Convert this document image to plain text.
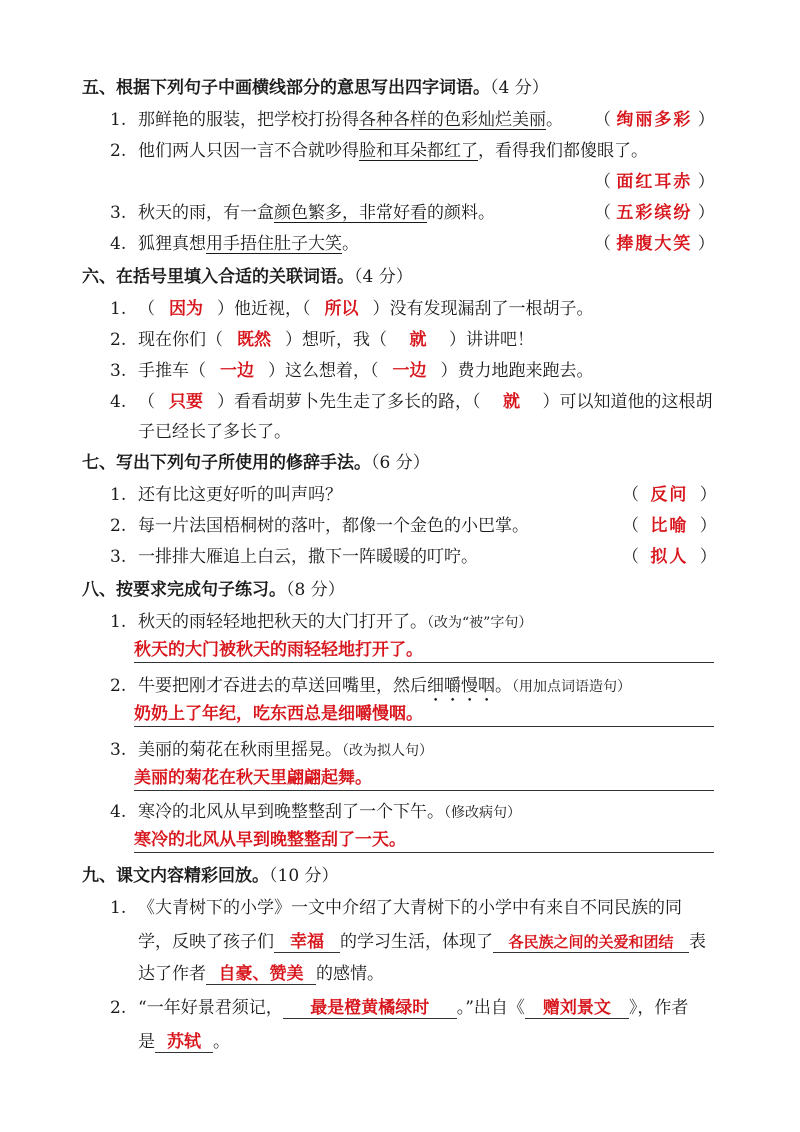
五、根据下列句子中画横线部分的意思写出四字词语。（4 分）
1. 那鲜艳的服装，把学校打扮得各种各样的色彩灿烂美丽。 （ 绚丽多彩 ）
2. 他们两人只因一言不合就吵得脸和耳朵都红了，看得我们都傻眼了。
（ 面红耳赤 ）
3. 秋天的雨，有一盒颜色繁多，非常好看的颜料。	（ 五彩缤纷 ）
4. 狐狸真想用手捂住肚子大笑。	（ 捧腹大笑 ）
六、在括号里填入合适的关联词语。（4 分）
1. （ 因为 ）他近视，（ 所以 ）没有发现漏刮了一根胡子。
2. 现在你们（ 既然 ）想听，我（ 就 ）讲讲吧！
3. 手推车（ 一边 ）这么想着，（ 一边 ）费力地跑来跑去。
4. （ 只要 ）看看胡萝卜先生走了多长的路，（ 就 ）可以知道他的这根胡
子已经长了多长了。
七、写出下列句子所使用的修辞手法。（6 分）
1. 还有比这更好听的叫声吗？	（ 反问 ）
2. 每一片法国梧桐树的落叶，都像一个金色的小巴掌。	（ 比喻 ）
3. 一排排大雁追上白云，撒下一阵暖暖的叮咛。	（ 拟人 ）
八、按要求完成句子练习。（8 分）
1. 秋天的雨轻轻地把秋天的大门打开了。（改为“被”字句）
秋天的大门被秋天的雨轻轻地打开了。
2. 牛要把刚才吞进去的草送回嘴里，然后细嚼慢咽。（用加点词语造句）
奶奶上了年纪，吃东西总是细嚼慢咽。
3. 美丽的菊花在秋雨里摇晃。（改为拟人句）
美丽的菊花在秋天里翩翩起舞。
4. 寒冷的北风从早到晚整整刮了一个下午。（修改病句）
寒冷的北风从早到晚整整刮了一天。
九、课文内容精彩回放。（10 分）
1. 《大青树下的小学》一文中介绍了大青树下的小学中有来自不同民族的同
学，反映了孩子们 幸福 的学习生活，体现了 各民族之间的关爱和团结 表
达了作者 自豪、赞美 的感情。
2. “一年好景君须记， 最是橙黄橘绿时 。”出自《 赠刘景文 》，作者
是 苏轼 。
